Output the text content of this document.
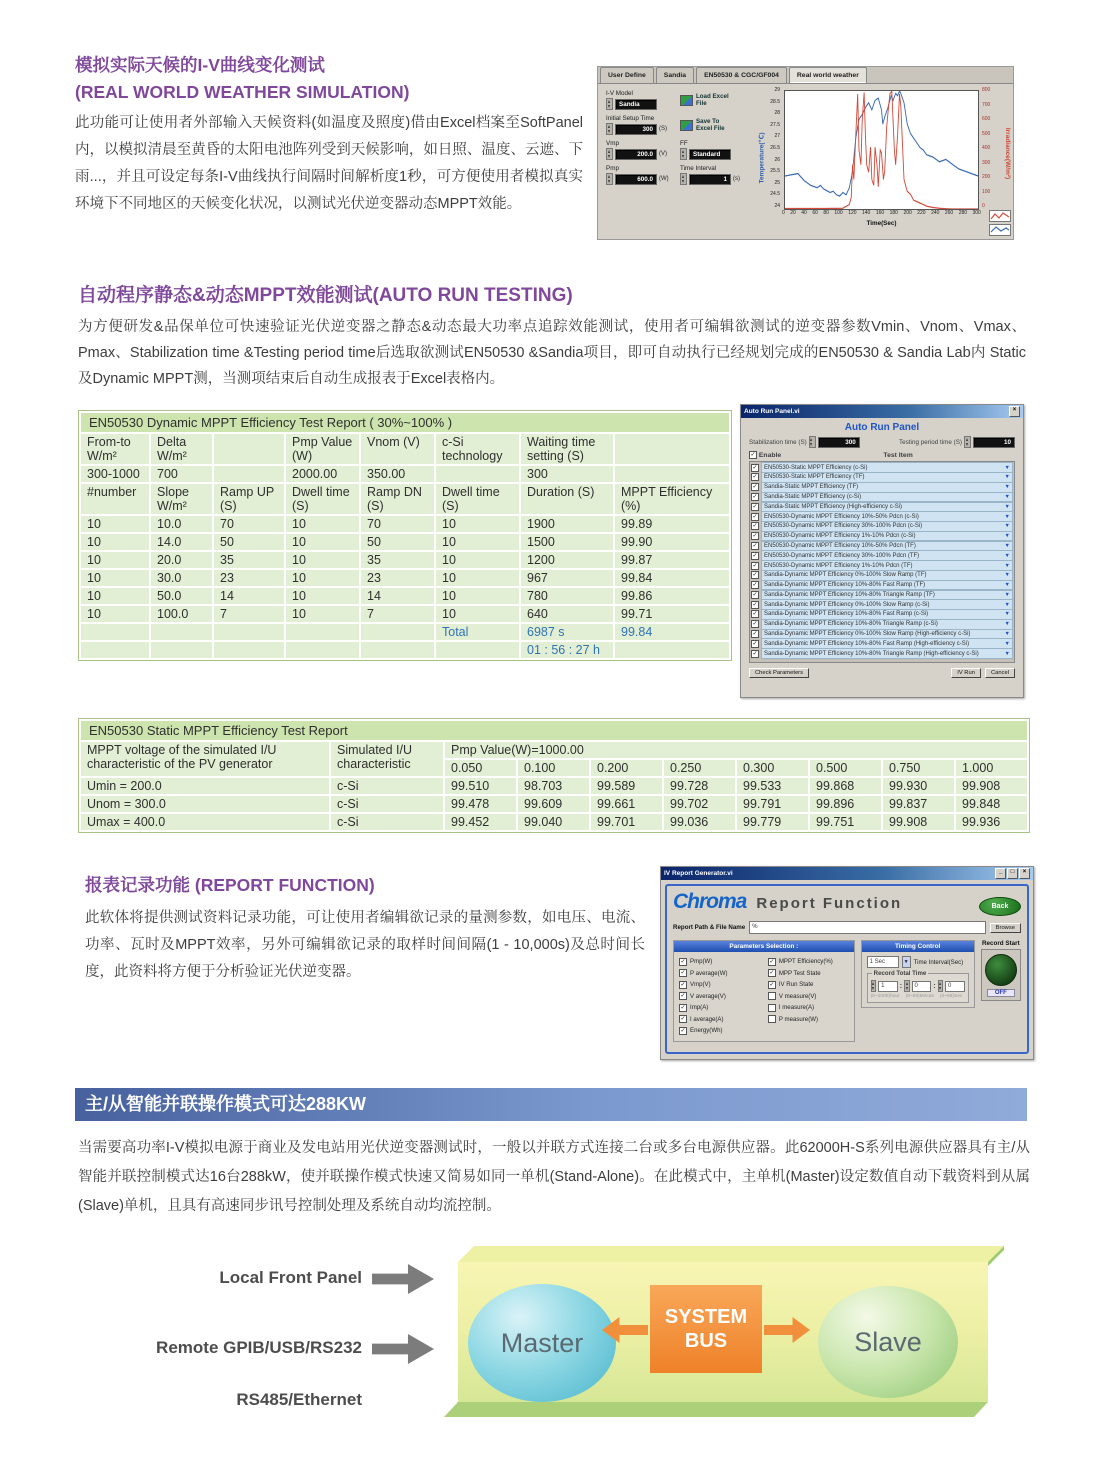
模拟实际天候的I-V曲线变化测试
(REAL WORLD WEATHER SIMULATION)
此功能可让使用者外部输入天候资料(如温度及照度)借由Excel档案至SoftPanel内，以模拟清晨至黄昏的太阳电池阵列受到天候影响，如日照、温度、云遮、下雨...，并且可设定每条I-V曲线执行间隔时间解析度1秒，可方便使用者模拟真实环境下不同地区的天候变化状况，以测试光伏逆变器动态MPPT效能。
User Define	Sandia	EN50530 & CGC/GF004	Real world weather
I-V Model
Sandia
Load Excel File
Initial Setup Time
300	(S)
Save To Excel File
Vmp
200.0	(V)
FF
Standard
Pmp
600.0	(W)
Time Interval
1	(s)	Temperature(℃)	Irradiance(W/m²)
29
28.5
28
27.5
27
26.5
26
25.5
25
24.5
24
800
700
600
500
400
300
200
100
0
0 20 40 60 80 100 120 140 160 180 200 220 240 260 280 300
Time(Sec)
自动程序静态&动态MPPT效能测试(AUTO RUN TESTING)
为方便研发&品保单位可快速验证光伏逆变器之静态&动态最大功率点追踪效能测试，使用者可编辑欲测试的逆变器参数Vmin、Vnom、Vmax、Pmax、Stabilization time &Testing period time后选取欲测试EN50530 &Sandia项目，即可自动执行已经规划完成的EN50530 & Sandia Lab内 Static及Dynamic MPPT测，当测项结束后自动生成报表于Excel表格内。
EN50530 Dynamic MPPT Efficiency Test Report ( 30%~100% )							
From-to W/m²	Delta W/m²		Pmp Value (W)	Vnom (V)	c-Si technology	Waiting time setting (S)	
300-1000	700		2000.00	350.00		300	
#number	Slope W/m²	Ramp UP (S)	Dwell time (S)	Ramp DN (S)	Dwell time (S)	Duration (S)	MPPT Efficiency (%)
10	10.0	70	10	70	10	1900	99.89
10	14.0	50	10	50	10	1500	99.90
10	20.0	35	10	35	10	1200	99.87
10	30.0	23	10	23	10	967	99.84
10	50.0	14	10	14	10	780	99.86
10	100.0	7	10	7	10	640	99.71
					Total	6987 s	99.84
						01 : 56 : 27 h	
Auto Run Panel.vi	×
Auto Run Panel
Stabilization time (S)	300	Testing period time (S)	10
✓

Enable	Test Item
✓
EN50530-Static MPPT Efficiency (c-Si)	▼
✓
EN50530-Static MPPT Efficiency (TF)	▼
✓
Sandia-Static MPPT Efficiency (TF)	▼
✓
Sandia-Static MPPT Efficiency (c-Si)	▼
✓
Sandia-Static MPPT Efficiency (High-efficiency c-Si)	▼
✓
EN50530-Dynamic MPPT Efficiency 10%-50% Pdcn (c-Si)	▼
✓
EN50530-Dynamic MPPT Efficiency 30%-100% Pdcn (c-Si)	▼
✓
EN50530-Dynamic MPPT Efficiency 1%-10% Pdcn (c-Si)	▼
✓
EN50530-Dynamic MPPT Efficiency 10%-50% Pdcn (TF)	▼
✓
EN50530-Dynamic MPPT Efficiency 30%-100% Pdcn (TF)	▼
✓
EN50530-Dynamic MPPT Efficiency 1%-10% Pdcn (TF)	▼
✓
Sandia-Dynamic MPPT Efficiency 0%-100% Slow Ramp (TF)	▼
✓
Sandia-Dynamic MPPT Efficiency 10%-80% Fast Ramp (TF)	▼
✓
Sandia-Dynamic MPPT Efficiency 10%-80% Triangle Ramp (TF)	▼
✓
Sandia-Dynamic MPPT Efficiency 0%-100% Slow Ramp (c-Si)	▼
✓
Sandia-Dynamic MPPT Efficiency 10%-80% Fast Ramp (c-Si)	▼
✓
Sandia-Dynamic MPPT Efficiency 10%-80% Triangle Ramp (c-Si)	▼
✓
Sandia-Dynamic MPPT Efficiency 0%-100% Slow Ramp (High-efficiency c-Si)	▼
✓
Sandia-Dynamic MPPT Efficiency 10%-80% Fast Ramp (High-efficiency c-Si)	▼
✓
Sandia-Dynamic MPPT Efficiency 10%-80% Triangle Ramp (High-efficiency c-Si)	▼
Check Parameters	IV Run	Cancel
EN50530 Static MPPT Efficiency Test Report									
MPPT voltage of the simulated I/U characteristic of the PV generator	Simulated I/U characteristic	Pmp Value(W)=1000.00							
		0.050	0.100	0.200	0.250	0.300	0.500	0.750	1.000
Umin = 200.0	c-Si	99.510	98.703	99.589	99.728	99.533	99.868	99.930	99.908
Unom = 300.0	c-Si	99.478	99.609	99.661	99.702	99.791	99.896	99.837	99.848
Umax = 400.0	c-Si	99.452	99.040	99.701	99.036	99.779	99.751	99.908	99.936
报表记录功能 (REPORT FUNCTION)
此软体将提供测试资料记录功能，可让使用者编辑欲记录的量测参数，如电压、电流、功率、瓦时及MPPT效率，另外可编辑欲记录的取样时间间隔(1 - 10,000s)及总时间长度，此资料将方便于分析验证光伏逆变器。
IV Report Generator.vi	_	□	×
Chroma Report Function	Back
Report Path & File Name	%	Browse
Parameters Selection :
✓
Pmp(W)
✓
P average(W)
✓
Vmp(V)
✓
V average(V)
✓
Imp(A)
✓
I average(A)
✓
Energy(Wh)
✓
MPPT Efficiency(%)
✓
MPP Test State
✓
IV Run State
V measure(V)
I measure(A)
P measure(W)
Timing Control
1 Sec	▼ Time Interval(Sec)
Record Total Time
1	:	0	:	0
(0~1000)hour (0~59)Minute (0~59)Sec
Record Start
OFF
主/从智能并联操作模式可达288KW
当需要高功率I-V模拟电源于商业及发电站用光伏逆变器测试时，一般以并联方式连接二台或多台电源供应器。此62000H-S系列电源供应器具有主/从智能并联控制模式达16台288kW，使并联操作模式快速又简易如同一单机(Stand-Alone)。在此模式中，主单机(Master)设定数值自动下载资料到从属(Slave)单机，且具有高速同步讯号控制处理及系统自动均流控制。
Local Front Panel
Remote GPIB/USB/RS232
RS485/Ethernet
Master
SYSTEM
BUS	Slave
